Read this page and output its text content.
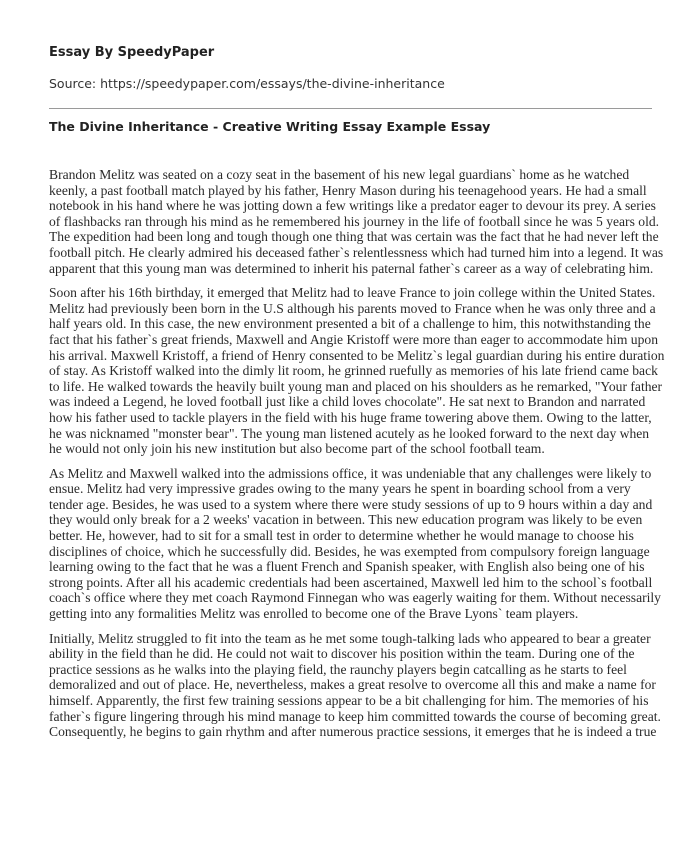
Essay By SpeedyPaper
Source: https://speedypaper.com/essays/the-divine-inheritance
The Divine Inheritance - Creative Writing Essay Example Essay

Brandon Melitz was seated on a cozy seat in the basement of his new legal guardians` home as he watched keenly, a past football match played by his father, Henry Mason during his teenagehood years. He had a small notebook in his hand where he was jotting down a few writings like a predator eager to devour its prey. A series of flashbacks ran through his mind as he remembered his journey in the life of football since he was 5 years old. The expedition had been long and tough though one thing that was certain was the fact that he had never left the football pitch. He clearly admired his deceased father`s relentlessness which had turned him into a legend. It was apparent that this young man was determined to inherit his paternal father`s career as a way of celebrating him.

Soon after his 16th birthday, it emerged that Melitz had to leave France to join college within the United States. Melitz had previously been born in the U.S although his parents moved to France when he was only three and a half years old. In this case, the new environment presented a bit of a challenge to him, this notwithstanding the fact that his father`s great friends, Maxwell and Angie Kristoff were more than eager to accommodate him upon his arrival. Maxwell Kristoff, a friend of Henry consented to be Melitz`s legal guardian during his entire duration of stay. As Kristoff walked into the dimly lit room, he grinned ruefully as memories of his late friend came back to life. He walked towards the heavily built young man and placed on his shoulders as he remarked, "Your father was indeed a Legend, he loved football just like a child loves chocolate". He sat next to Brandon and narrated how his father used to tackle players in the field with his huge frame towering above them. Owing to the latter, he was nicknamed "monster bear". The young man listened acutely as he looked forward to the next day when he would not only join his new institution but also become part of the school football team.

As Melitz and Maxwell walked into the admissions office, it was undeniable that any challenges were likely to ensue. Melitz had very impressive grades owing to the many years he spent in boarding school from a very tender age. Besides, he was used to a system where there were study sessions of up to 9 hours within a day and they would only break for a 2 weeks' vacation in between. This new education program was likely to be even better. He, however, had to sit for a small test in order to determine whether he would manage to choose his disciplines of choice, which he successfully did. Besides, he was exempted from compulsory foreign language learning owing to the fact that he was a fluent French and Spanish speaker, with English also being one of his strong points. After all his academic credentials had been ascertained, Maxwell led him to the school`s football coach`s office where they met coach Raymond Finnegan who was eagerly waiting for them. Without necessarily getting into any formalities Melitz was enrolled to become one of the Brave Lyons` team players.

Initially, Melitz struggled to fit into the team as he met some tough-talking lads who appeared to bear a greater ability in the field than he did. He could not wait to discover his position within the team. During one of the practice sessions as he walks into the playing field, the raunchy players begin catcalling as he starts to feel demoralized and out of place. He, nevertheless, makes a great resolve to overcome all this and make a name for himself. Apparently, the first few training sessions appear to be a bit challenging for him. The memories of his father`s figure lingering through his mind manage to keep him committed towards the course of becoming great. Consequently, he begins to gain rhythm and after numerous practice sessions, it emerges that he is indeed a true
